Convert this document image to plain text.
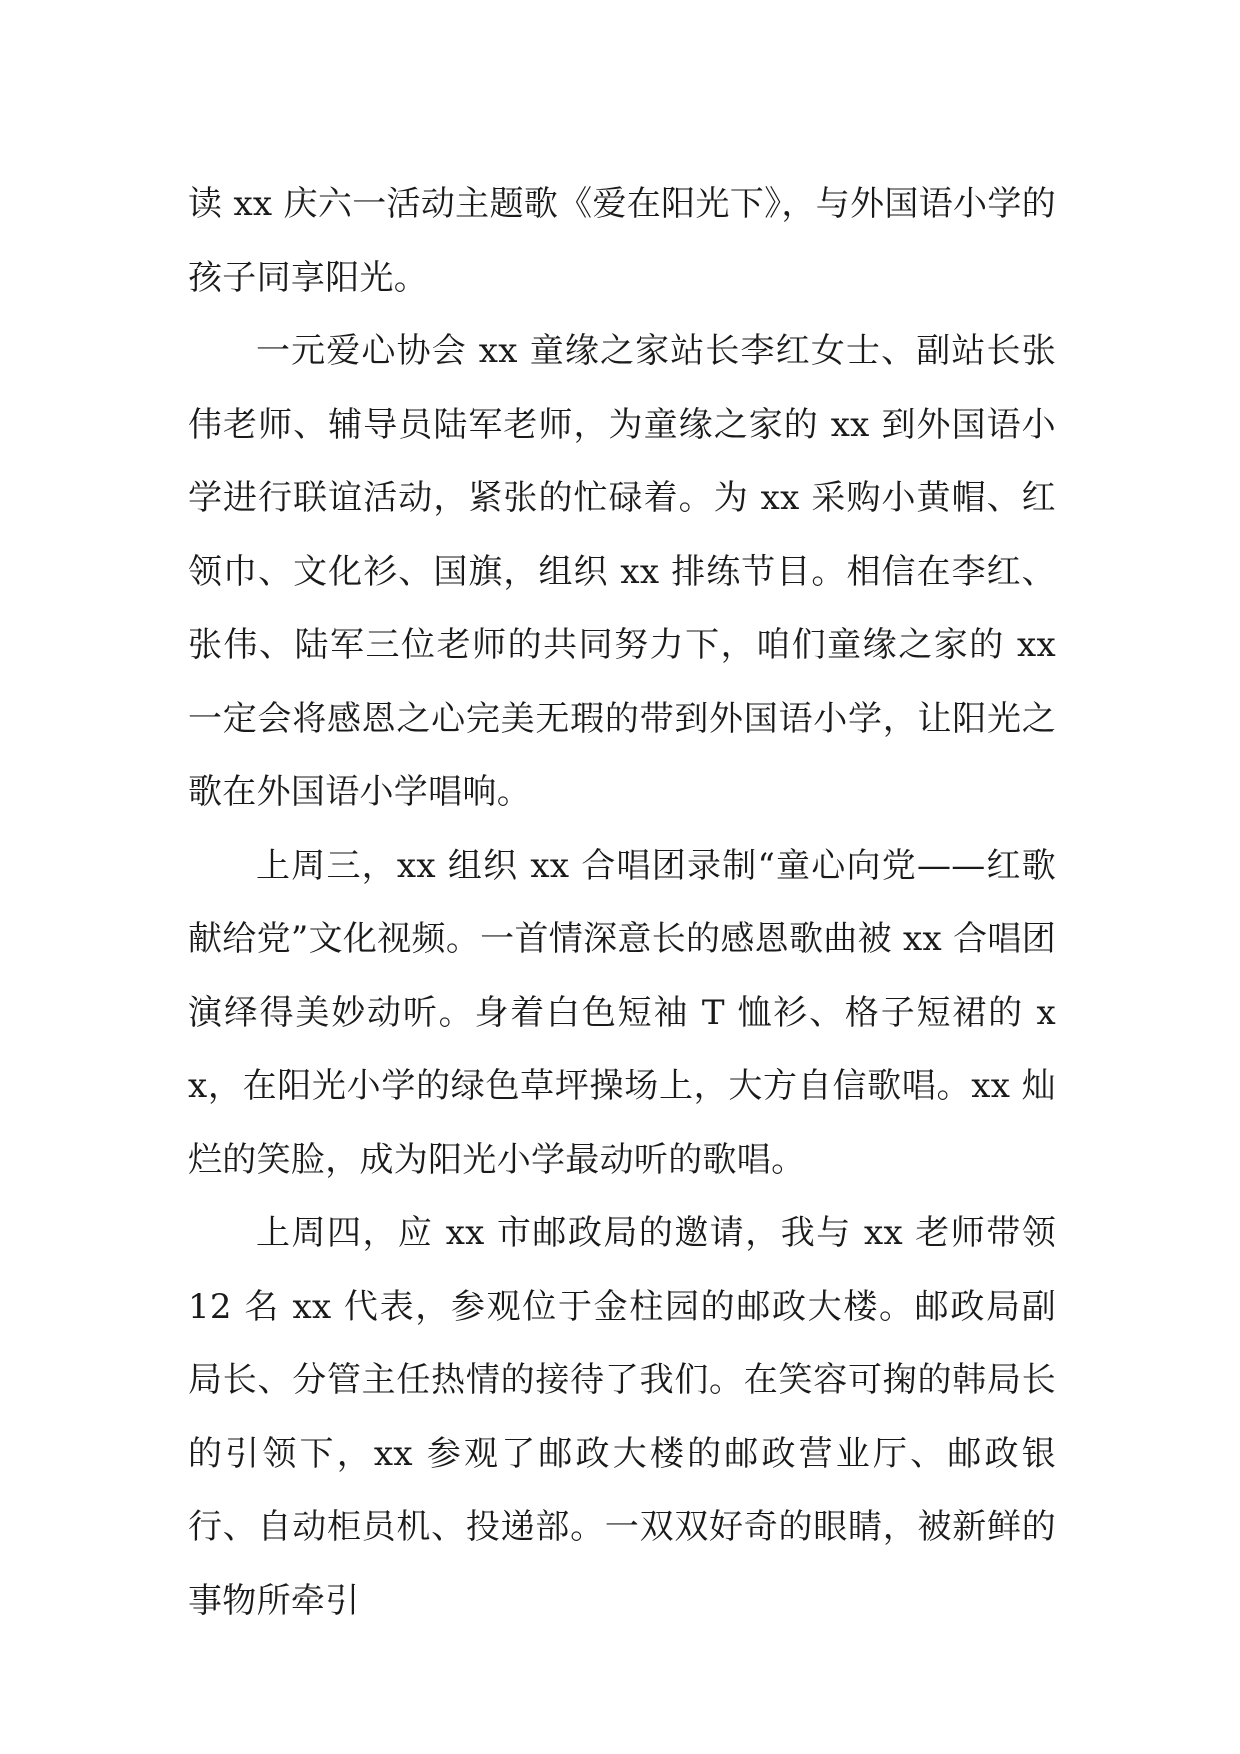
读 xx 庆六一活动主题歌《爱在阳光下》，与外国语小学的孩子同享阳光。

一元爱心协会 xx 童缘之家站长李红女士、副站长张伟老师、辅导员陆军老师，为童缘之家的 xx 到外国语小学进行联谊活动，紧张的忙碌着。为 xx 采购小黄帽、红领巾、文化衫、国旗，组织 xx 排练节目。相信在李红、张伟、陆军三位老师的共同努力下，咱们童缘之家的 xx 一定会将感恩之心完美无瑕的带到外国语小学，让阳光之歌在外国语小学唱响。

上周三，xx 组织 xx 合唱团录制“童心向党——红歌献给党”文化视频。一首情深意长的感恩歌曲被 xx 合唱团演绎得美妙动听。身着白色短袖 T 恤衫、格子短裙的 xx，在阳光小学的绿色草坪操场上，大方自信歌唱。xx 灿烂的笑脸，成为阳光小学最动听的歌唱。

上周四，应 xx 市邮政局的邀请，我与 xx 老师带领 12 名 xx 代表，参观位于金柱园的邮政大楼。邮政局副局长、分管主任热情的接待了我们。在笑容可掬的韩局长的引领下，xx 参观了邮政大楼的邮政营业厅、邮政银行、自动柜员机、投递部。一双双好奇的眼睛，被新鲜的事物所牵引
